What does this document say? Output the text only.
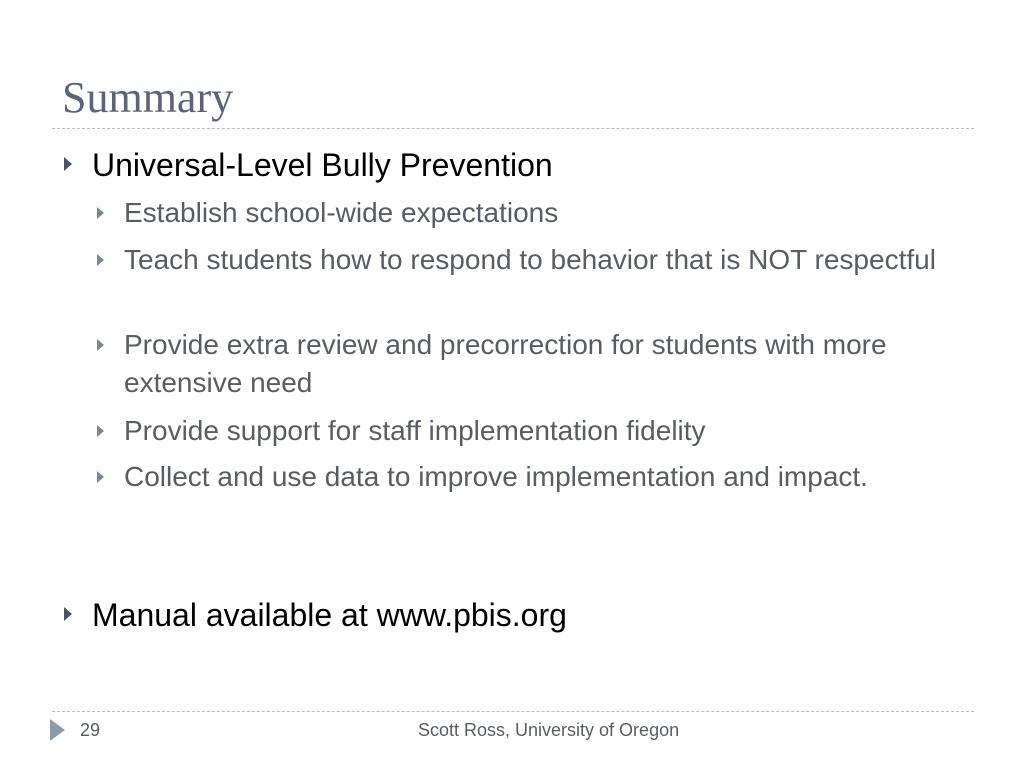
Summary
Universal-Level Bully Prevention
Establish school-wide expectations
Teach students how to respond to behavior that is NOT respectful
Provide extra review and precorrection for students with more extensive need
Provide support for staff implementation fidelity
Collect and use data to improve implementation and impact.
Manual available at www.pbis.org
29	Scott Ross, University of Oregon
